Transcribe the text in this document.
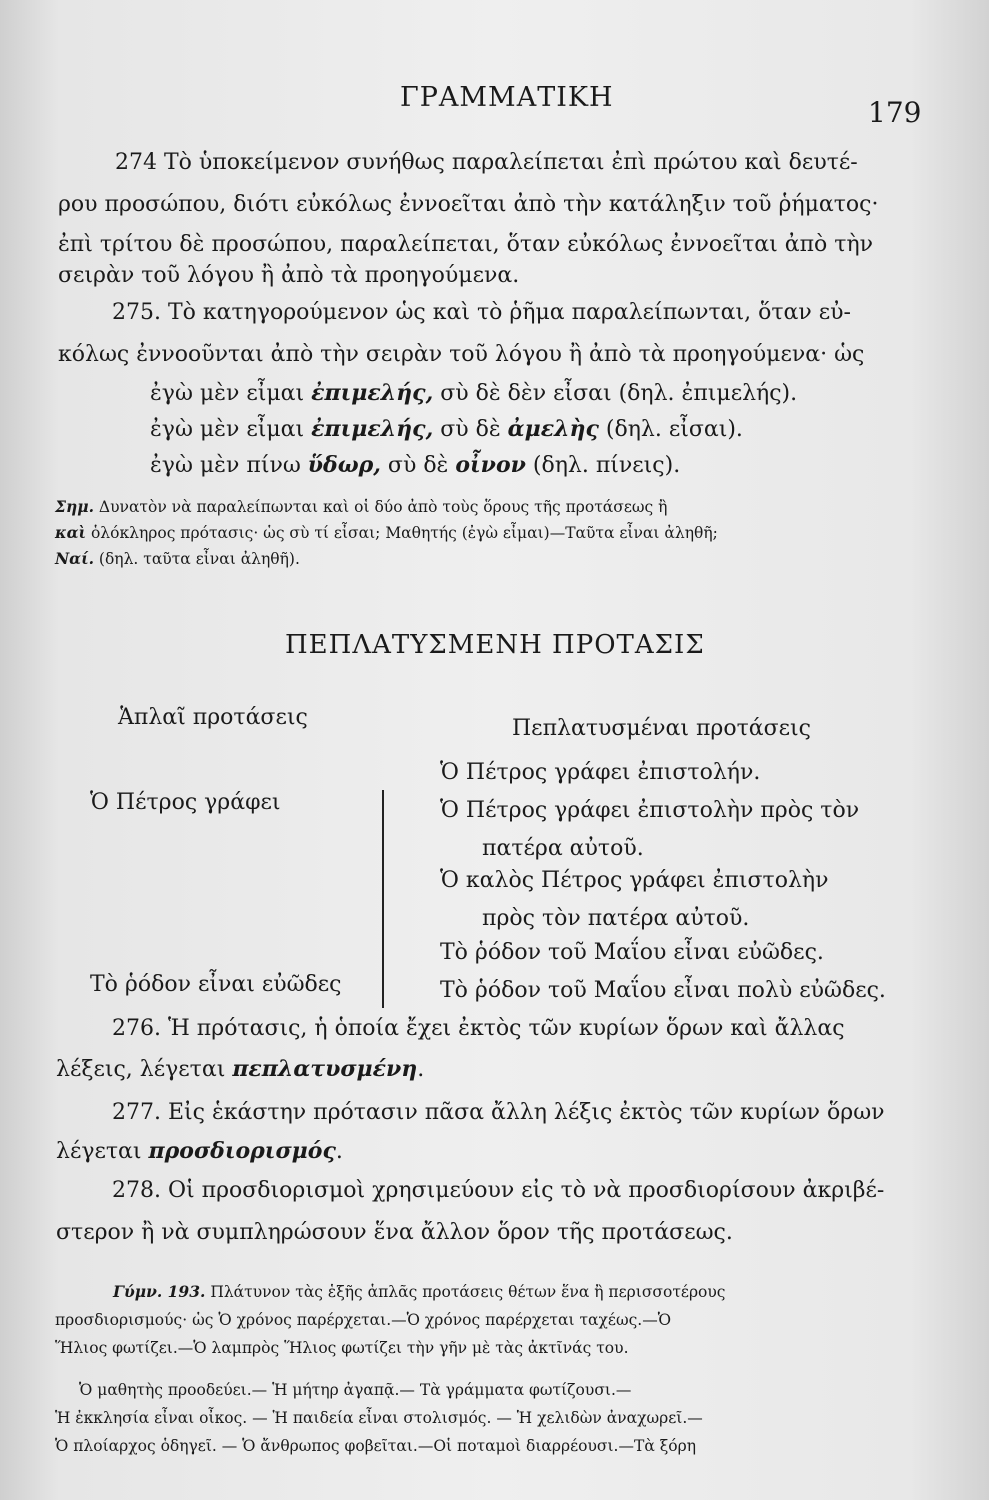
ΓΡΑΜΜΑΤΙΚΗ	179
274 Τὸ ὑποκείμενον συνήθως παραλείπεται ἐπὶ πρώτου καὶ δευτέ-
ρου προσώπου, διότι εὐκόλως ἐννοεῖται ἀπὸ τὴν κατάληξιν τοῦ ῥήματος·
ἐπὶ τρίτου δὲ προσώπου, παραλείπεται, ὅταν εὐκόλως ἐννοεῖται ἀπὸ τὴν
σειρὰν τοῦ λόγου ἢ ἀπὸ τὰ προηγούμενα.
275. Τὸ κατηγορούμενον ὡς καὶ τὸ ῥῆμα παραλείπωνται, ὅταν εὐ-
κόλως ἐννοοῦνται ἀπὸ τὴν σειρὰν τοῦ λόγου ἢ ἀπὸ τὰ προηγούμενα· ὡς
ἐγὼ μὲν εἶμαι ἐπιμελής, σὺ δὲ δὲν εἶσαι (δηλ. ἐπιμελής).
ἐγὼ μὲν εἶμαι ἐπιμελής, σὺ δὲ ἀμελὴς (δηλ. εἶσαι).
ἐγὼ μὲν πίνω ὕδωρ, σὺ δὲ οἶνον (δηλ. πίνεις).
Σημ. Δυνατὸν νὰ παραλείπωνται καὶ οἱ δύο ἀπὸ τοὺς ὅρους τῆς προτάσεως ἢ
καὶ ὁλόκληρος πρότασις· ὡς σὺ τί εἶσαι; Μαθητής (ἐγὼ εἶμαι)—Ταῦτα εἶναι ἀληθῆ;
Ναί. (δηλ. ταῦτα εἶναι ἀληθῆ).
ΠΕΠΛΑΤΥΣΜΕΝΗ ΠΡΟΤΑΣΙΣ
Ἁπλαῖ προτάσεις	Πεπλατυσμέναι προτάσεις
Ὁ Πέτρος γράφει
Τὸ ῥόδον εἶναι εὐῶδες
Ὁ Πέτρος γράφει ἐπιστολήν.
Ὁ Πέτρος γράφει ἐπιστολὴν πρὸς τὸν
πατέρα αὐτοῦ.
Ὁ καλὸς Πέτρος γράφει ἐπιστολὴν
πρὸς τὸν πατέρα αὐτοῦ.
Τὸ ῥόδον τοῦ Μαΐου εἶναι εὐῶδες.
Τὸ ῥόδον τοῦ Μαΐου εἶναι πολὺ εὐῶδες.
276. Ἡ πρότασις, ἡ ὁποία ἔχει ἐκτὸς τῶν κυρίων ὅρων καὶ ἄλλας
λέξεις, λέγεται πεπλατυσμένη.
277. Εἰς ἑκάστην πρότασιν πᾶσα ἄλλη λέξις ἐκτὸς τῶν κυρίων ὅρων
λέγεται προσδιορισμός.
278. Οἱ προσδιορισμοὶ χρησιμεύουν εἰς τὸ νὰ προσδιορίσουν ἀκριβέ-
στερον ἢ νὰ συμπληρώσουν ἕνα ἄλλον ὅρον τῆς προτάσεως.
Γύμν. 193. Πλάτυνον τὰς ἑξῆς ἁπλᾶς προτάσεις θέτων ἕνα ἢ περισσοτέρους
προσδιορισμούς· ὡς Ὁ χρόνος παρέρχεται.—Ὁ χρόνος παρέρχεται ταχέως.—Ὁ
Ἥλιος φωτίζει.—Ὁ λαμπρὸς Ἥλιος φωτίζει τὴν γῆν μὲ τὰς ἀκτῖνάς του.
Ὁ μαθητὴς προοδεύει.— Ἡ μήτηρ ἀγαπᾷ.— Τὰ γράμματα φωτίζουσι.—
Ἡ ἐκκλησία εἶναι οἶκος. — Ἡ παιδεία εἶναι στολισμός. — Ἡ χελιδὼν ἀναχωρεῖ.—
Ὁ πλοίαρχος ὁδηγεῖ. — Ὁ ἄνθρωπος φοβεῖται.—Οἱ ποταμοὶ διαρρέουσι.—Τὰ ξόρη
